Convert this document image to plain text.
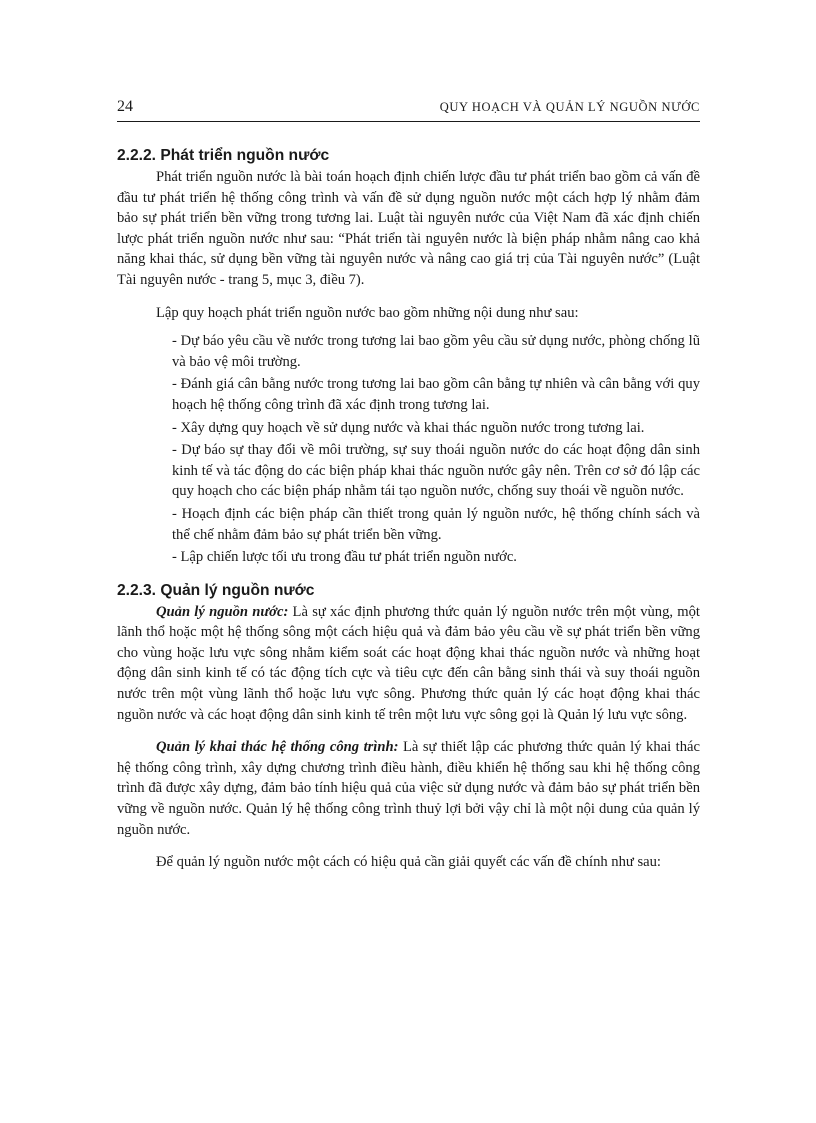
24	QUY HOẠCH VÀ QUẢN LÝ NGUỒN NƯỚC
2.2.2. Phát triển nguồn nước

Phát triển nguồn nước là bài toán hoạch định chiến lược đầu tư phát triển bao gồm cả vấn đề đầu tư phát triển hệ thống công trình và vấn đề sử dụng nguồn nước một cách hợp lý nhằm đảm bảo sự phát triển bền vững trong tương lai. Luật tài nguyên nước của Việt Nam đã xác định chiến lược phát triển nguồn nước như sau: “Phát triển tài nguyên nước là biện pháp nhằm nâng cao khả năng khai thác, sử dụng bền vững tài nguyên nước và nâng cao giá trị của Tài nguyên nước” (Luật Tài nguyên nước - trang 5, mục 3, điều 7).

Lập quy hoạch phát triển nguồn nước bao gồm những nội dung như sau:

- Dự báo yêu cầu về nước trong tương lai bao gồm yêu cầu sử dụng nước, phòng chống lũ và bảo vệ môi trường.
- Đánh giá cân bằng nước trong tương lai bao gồm cân bằng tự nhiên và cân bằng với quy hoạch hệ thống công trình đã xác định trong tương lai.
- Xây dựng quy hoạch về sử dụng nước và khai thác nguồn nước trong tương lai.
- Dự báo sự thay đổi về môi trường, sự suy thoái nguồn nước do các hoạt động dân sinh kinh tế và tác động do các biện pháp khai thác nguồn nước gây nên. Trên cơ sở đó lập các quy hoạch cho các biện pháp nhằm tái tạo nguồn nước, chống suy thoái về nguồn nước.
- Hoạch định các biện pháp cần thiết trong quản lý nguồn nước, hệ thống chính sách và thể chế nhằm đảm bảo sự phát triển bền vững.
- Lập chiến lược tối ưu trong đầu tư phát triển nguồn nước.
2.2.3. Quản lý nguồn nước

Quản lý nguồn nước: Là sự xác định phương thức quản lý nguồn nước trên một vùng, một lãnh thổ hoặc một hệ thống sông một cách hiệu quả và đảm bảo yêu cầu về sự phát triển bền vững cho vùng hoặc lưu vực sông nhằm kiểm soát các hoạt động khai thác nguồn nước và những hoạt động dân sinh kinh tế có tác động tích cực và tiêu cực đến cân bằng sinh thái và suy thoái nguồn nước trên một vùng lãnh thổ hoặc lưu vực sông. Phương thức quản lý các hoạt động khai thác nguồn nước và các hoạt động dân sinh kinh tế trên một lưu vực sông gọi là Quản lý lưu vực sông.

Quản lý khai thác hệ thống công trình: Là sự thiết lập các phương thức quản lý khai thác hệ thống công trình, xây dựng chương trình điều hành, điều khiển hệ thống sau khi hệ thống công trình đã được xây dựng, đảm bảo tính hiệu quả của việc sử dụng nước và đảm bảo sự phát triển bền vững về nguồn nước. Quản lý hệ thống công trình thuỷ lợi bởi vậy chỉ là một nội dung của quản lý nguồn nước.

Để quản lý nguồn nước một cách có hiệu quả cần giải quyết các vấn đề chính như sau:
